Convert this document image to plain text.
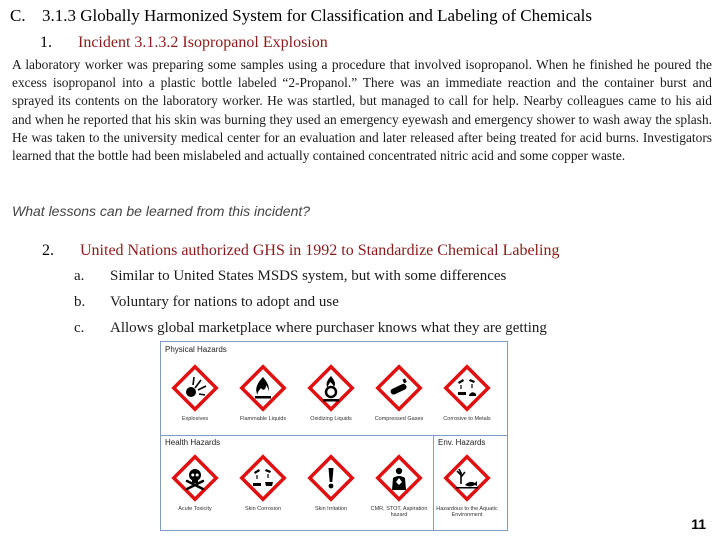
C. 3.1.3 Globally Harmonized System for Classification and Labeling of Chemicals
1. Incident 3.1.3.2 Isopropanol Explosion
A laboratory worker was preparing some samples using a procedure that involved isopropanol. When he finished he poured the excess isopropanol into a plastic bottle labeled “2-Propanol.” There was an immediate reaction and the container burst and sprayed its contents on the laboratory worker. He was startled, but managed to call for help. Nearby colleagues came to his aid and when he reported that his skin was burning they used an emergency eyewash and emergency shower to wash away the splash. He was taken to the university medical center for an evaluation and later released after being treated for acid burns. Investigators learned that the bottle had been mislabeled and actually contained concentrated nitric acid and some copper waste.
What lessons can be learned from this incident?
2. United Nations authorized GHS in 1992 to Standardize Chemical Labeling
a. Similar to United States MSDS system, but with some differences
b. Voluntary for nations to adopt and use
c. Allows global marketplace where purchaser knows what they are getting
Physical Hazards
Health Hazards	Env. Hazards
Explosives	Flammable Liquids	Oxidizing Liquids	Compressed Gases	Corrosive to Metals
Acute Toxicity	Skin Corrosion	Skin Irritation	CMR, STOT, Aspiration hazard
Hazardous to the Aquatic Environment
11
